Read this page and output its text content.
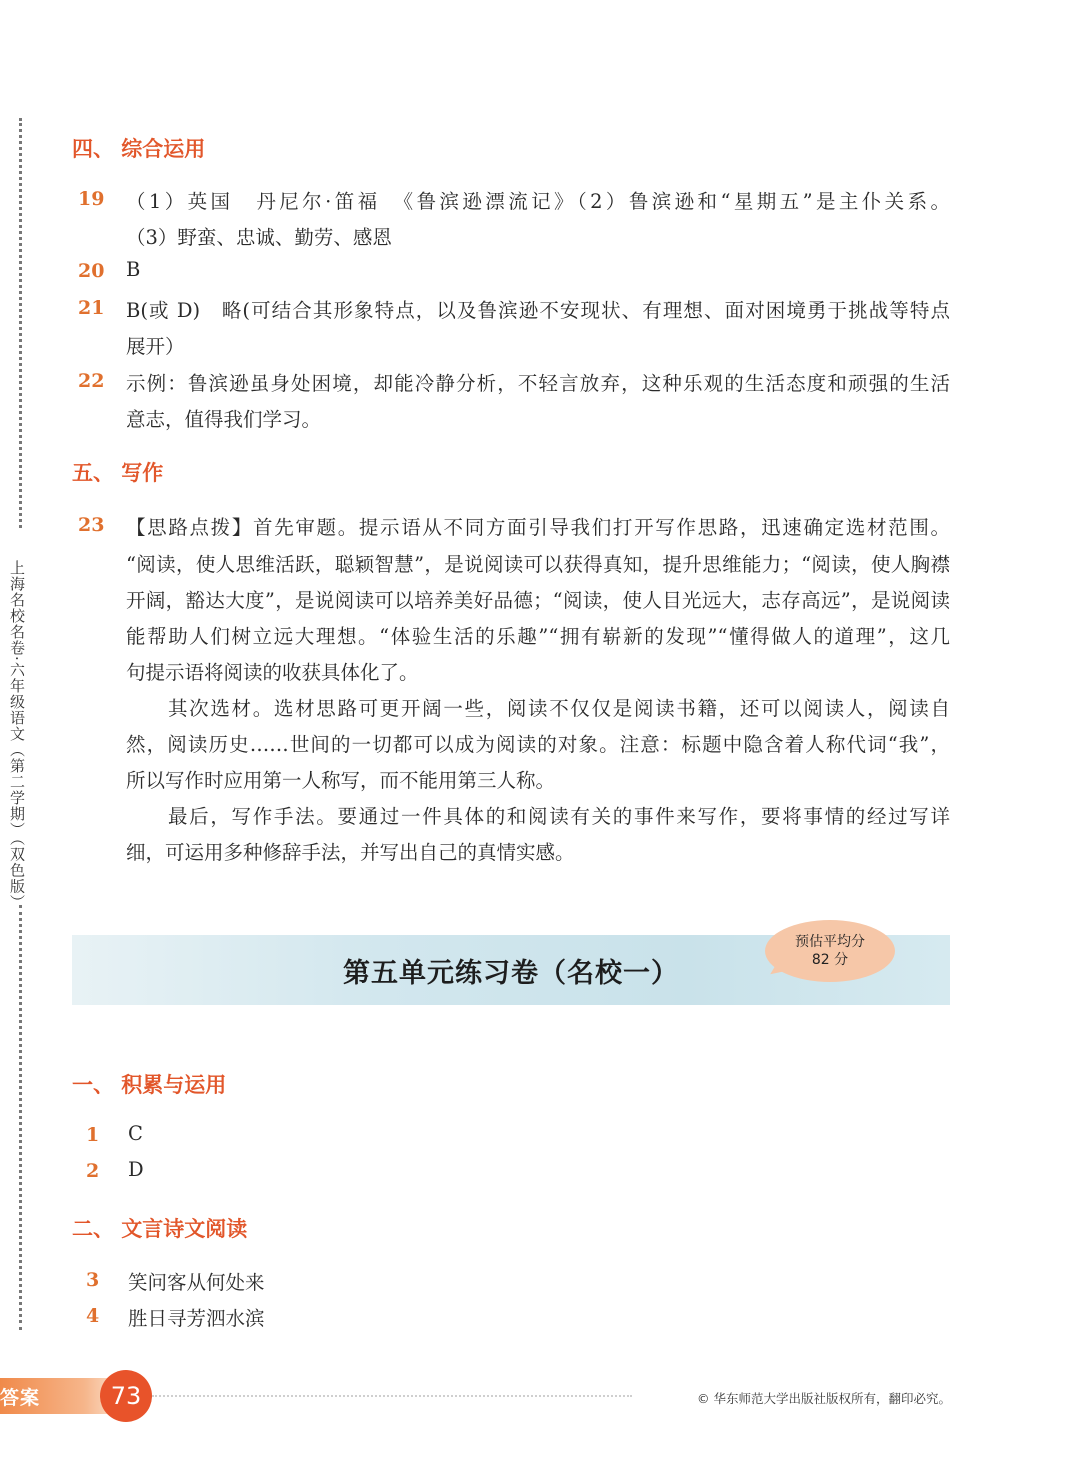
上海名校名卷·六年级语文（第二学期）（双色版）
四、 综合运用
19 （1）英国　丹尼尔·笛福　《鲁滨逊漂流记》（2）鲁滨逊和“星期五”是主仆关系。
（3）野蛮、忠诚、勤劳、感恩
20 B
21 B(或 D)　略(可结合其形象特点，以及鲁滨逊不安现状、有理想、面对困境勇于挑战等特点
展开）
22 示例：鲁滨逊虽身处困境，却能冷静分析，不轻言放弃，这种乐观的生活态度和顽强的生活
意志，值得我们学习。
五、 写作
23 【思路点拨】首先审题。提示语从不同方面引导我们打开写作思路，迅速确定选材范围。
“阅读，使人思维活跃，聪颖智慧”，是说阅读可以获得真知，提升思维能力；“阅读，使人胸襟
开阔，豁达大度”，是说阅读可以培养美好品德；“阅读，使人目光远大，志存高远”，是说阅读
能帮助人们树立远大理想。“体验生活的乐趣”“拥有崭新的发现”“懂得做人的道理”，这几
句提示语将阅读的收获具体化了。
其次选材。选材思路可更开阔一些，阅读不仅仅是阅读书籍，还可以阅读人，阅读自
然，阅读历史……世间的一切都可以成为阅读的对象。注意：标题中隐含着人称代词“我”，
所以写作时应用第一人称写，而不能用第三人称。
最后，写作手法。要通过一件具体的和阅读有关的事件来写作，要将事情的经过写详
细，可运用多种修辞手法，并写出自己的真情实感。
第五单元练习卷（名校一）
预估平均分
82 分
一、 积累与运用
1 C
2 D
二、 文言诗文阅读
3 笑问客从何处来
4 胜日寻芳泗水滨
答案	73	© 华东师范大学出版社版权所有，翻印必究。
